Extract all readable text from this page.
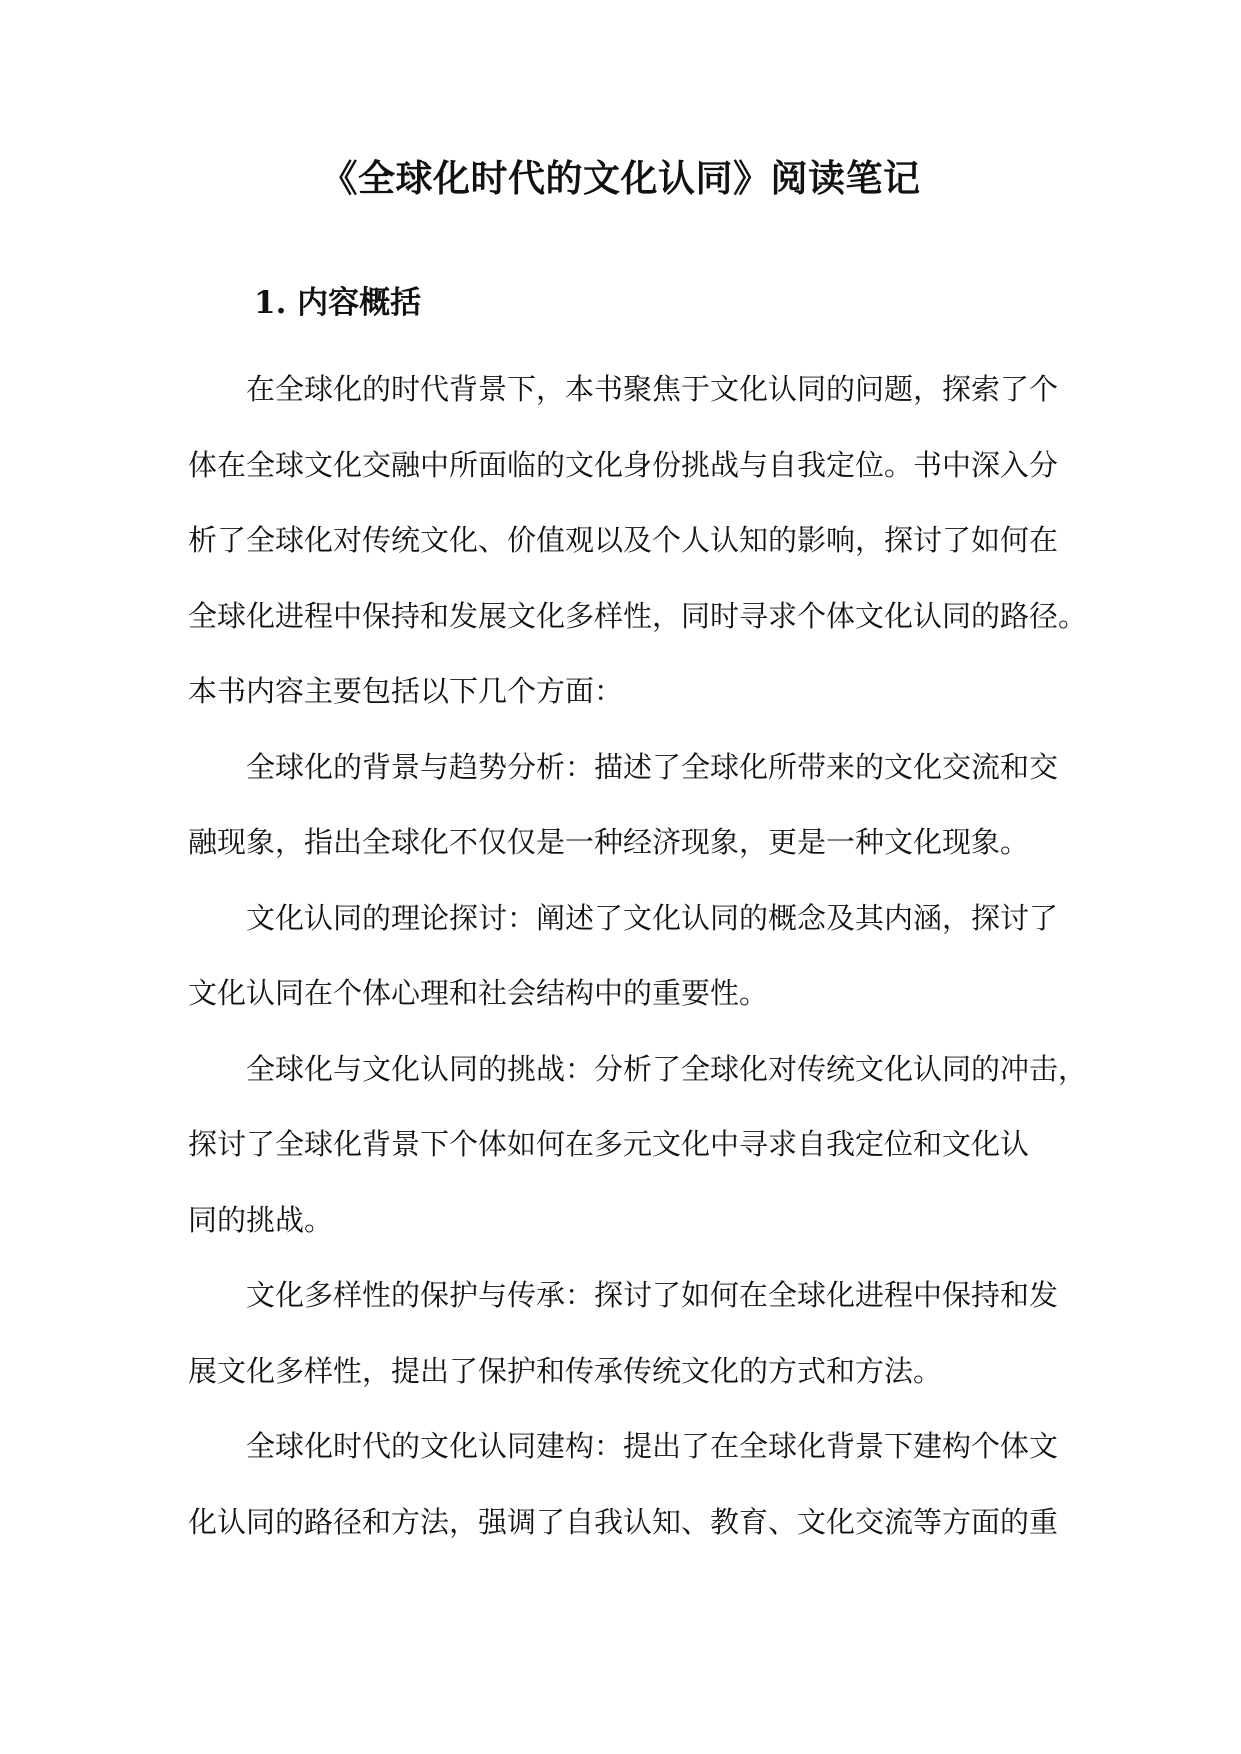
《全球化时代的文化认同》阅读笔记
1. 内容概括
在全球化的时代背景下，本书聚焦于文化认同的问题，探索了个
体在全球文化交融中所面临的文化身份挑战与自我定位。书中深入分
析了全球化对传统文化、价值观以及个人认知的影响，探讨了如何在
全球化进程中保持和发展文化多样性，同时寻求个体文化认同的路径。
本书内容主要包括以下几个方面：
全球化的背景与趋势分析：描述了全球化所带来的文化交流和交
融现象，指出全球化不仅仅是一种经济现象，更是一种文化现象。
文化认同的理论探讨：阐述了文化认同的概念及其内涵，探讨了
文化认同在个体心理和社会结构中的重要性。
全球化与文化认同的挑战：分析了全球化对传统文化认同的冲击，
探讨了全球化背景下个体如何在多元文化中寻求自我定位和文化认
同的挑战。
文化多样性的保护与传承：探讨了如何在全球化进程中保持和发
展文化多样性，提出了保护和传承传统文化的方式和方法。
全球化时代的文化认同建构：提出了在全球化背景下建构个体文
化认同的路径和方法，强调了自我认知、教育、文化交流等方面的重
